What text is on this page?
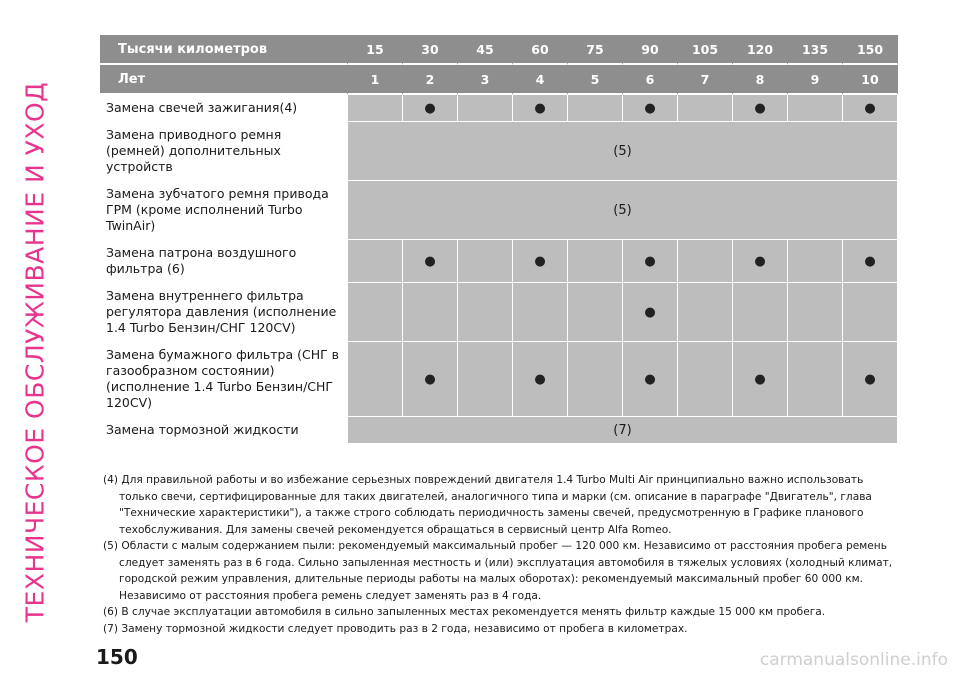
ТЕХНИЧЕСКОЕ ОБСЛУЖИВАНИЕ И УХОД
Тысячи километров	15	30	45	60	75	90	105	120	135	150
Лет	1	2	3	4	5	6	7	8	9	10
Замена свечей зажигания(4)		●		●		●		●		●
Замена приводного ремня (ремней) дополнительных устройств	(5)									
Замена зубчатого ремня привода ГРМ (кроме исполнений Turbo TwinAir)	(5)									
Замена патрона воздушного фильтра (6)		●		●		●		●		●
Замена внутреннего фильтра регулятора давления (исполнение 1.4 Turbo Бензин/СНГ 120CV)						●				
Замена бумажного фильтра (СНГ в газообразном состоянии) (исполнение 1.4 Turbo Бензин/СНГ 120CV)		●		●		●		●		●
Замена тормозной жидкости	(7)									

(4) Для правильной работы и во избежание серьезных повреждений двигателя 1.4 Turbo Multi Air принципиально важно использовать только свечи, сертифицированные для таких двигателей, аналогичного типа и марки (см. описание в параграфе "Двигатель", глава "Технические характеристики"), а также строго соблюдать периодичность замены свечей, предусмотренную в Графике планового техобслуживания. Для замены свечей рекомендуется обращаться в сервисный центр Alfa Romeo.

(5) Области с малым содержанием пыли: рекомендуемый максимальный пробег — 120 000 км. Независимо от расстояния пробега ремень следует заменять раз в 6 года. Сильно запыленная местность и (или) эксплуатация автомобиля в тяжелых условиях (холодный климат, городской режим управления, длительные периоды работы на малых оборотах): рекомендуемый максимальный пробег 60 000 км. Независимо от расстояния пробега ремень следует заменять раз в 4 года.

(6) В случае эксплуатации автомобиля в сильно запыленных местах рекомендуется менять фильтр каждые 15 000 км пробега.

(7) Замену тормозной жидкости следует проводить раз в 2 года, независимо от пробега в километрах.

150	carmanualsonline.info
